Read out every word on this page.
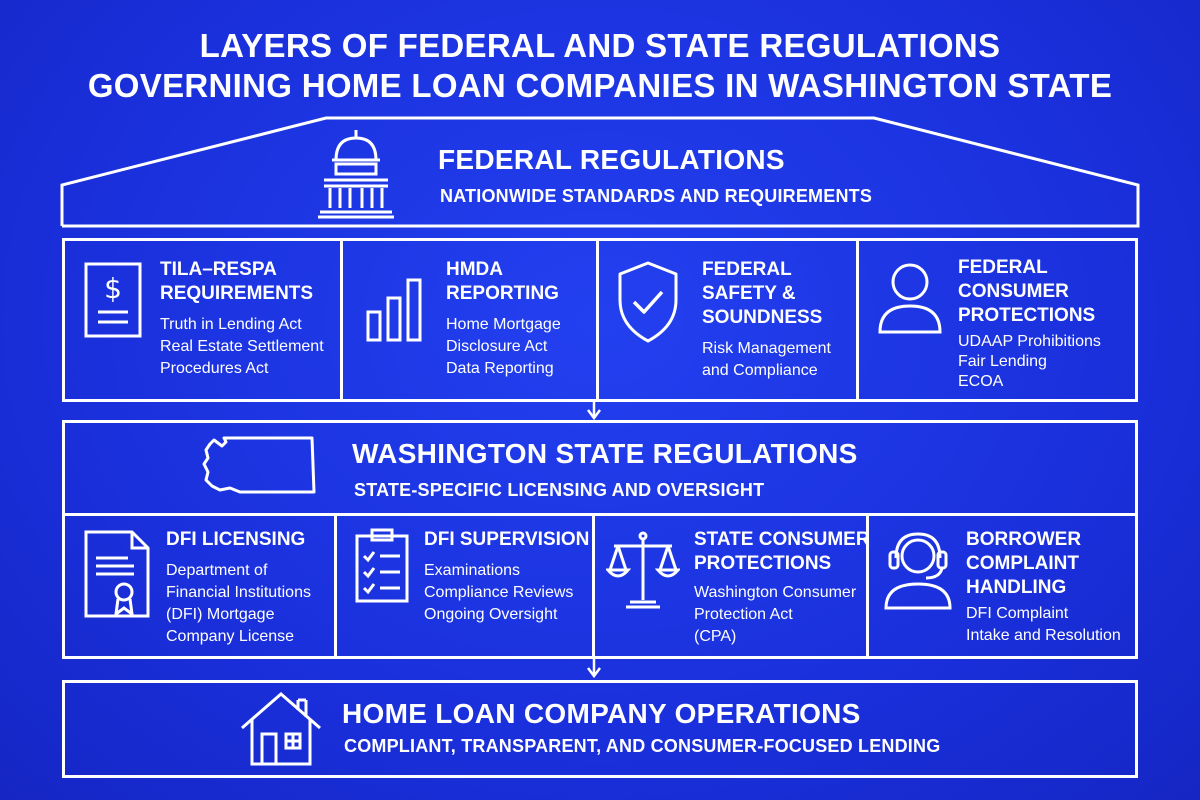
LAYERS OF FEDERAL AND STATE REGULATIONS
GOVERNING HOME LOAN COMPANIES IN WASHINGTON STATE
FEDERAL REGULATIONS
NATIONWIDE STANDARDS AND REQUIREMENTS
$
TILA–RESPA
REQUIREMENTS
Truth in Lending Act
Real Estate Settlement
Procedures Act
HMDA
REPORTING
Home Mortgage
Disclosure Act
Data Reporting
FEDERAL
SAFETY &
SOUNDNESS
Risk Management
and Compliance
FEDERAL
CONSUMER
PROTECTIONS
UDAAP Prohibitions
Fair Lending
ECOA
WASHINGTON STATE REGULATIONS
STATE-SPECIFIC LICENSING AND OVERSIGHT
DFI LICENSING
Department of
Financial Institutions
(DFI) Mortgage
Company License
DFI SUPERVISION
Examinations
Compliance Reviews
Ongoing Oversight
STATE CONSUMER
PROTECTIONS
Washington Consumer
Protection Act
(CPA)
BORROWER
COMPLAINT
HANDLING
DFI Complaint
Intake and Resolution
HOME LOAN COMPANY OPERATIONS
COMPLIANT, TRANSPARENT, AND CONSUMER-FOCUSED LENDING
